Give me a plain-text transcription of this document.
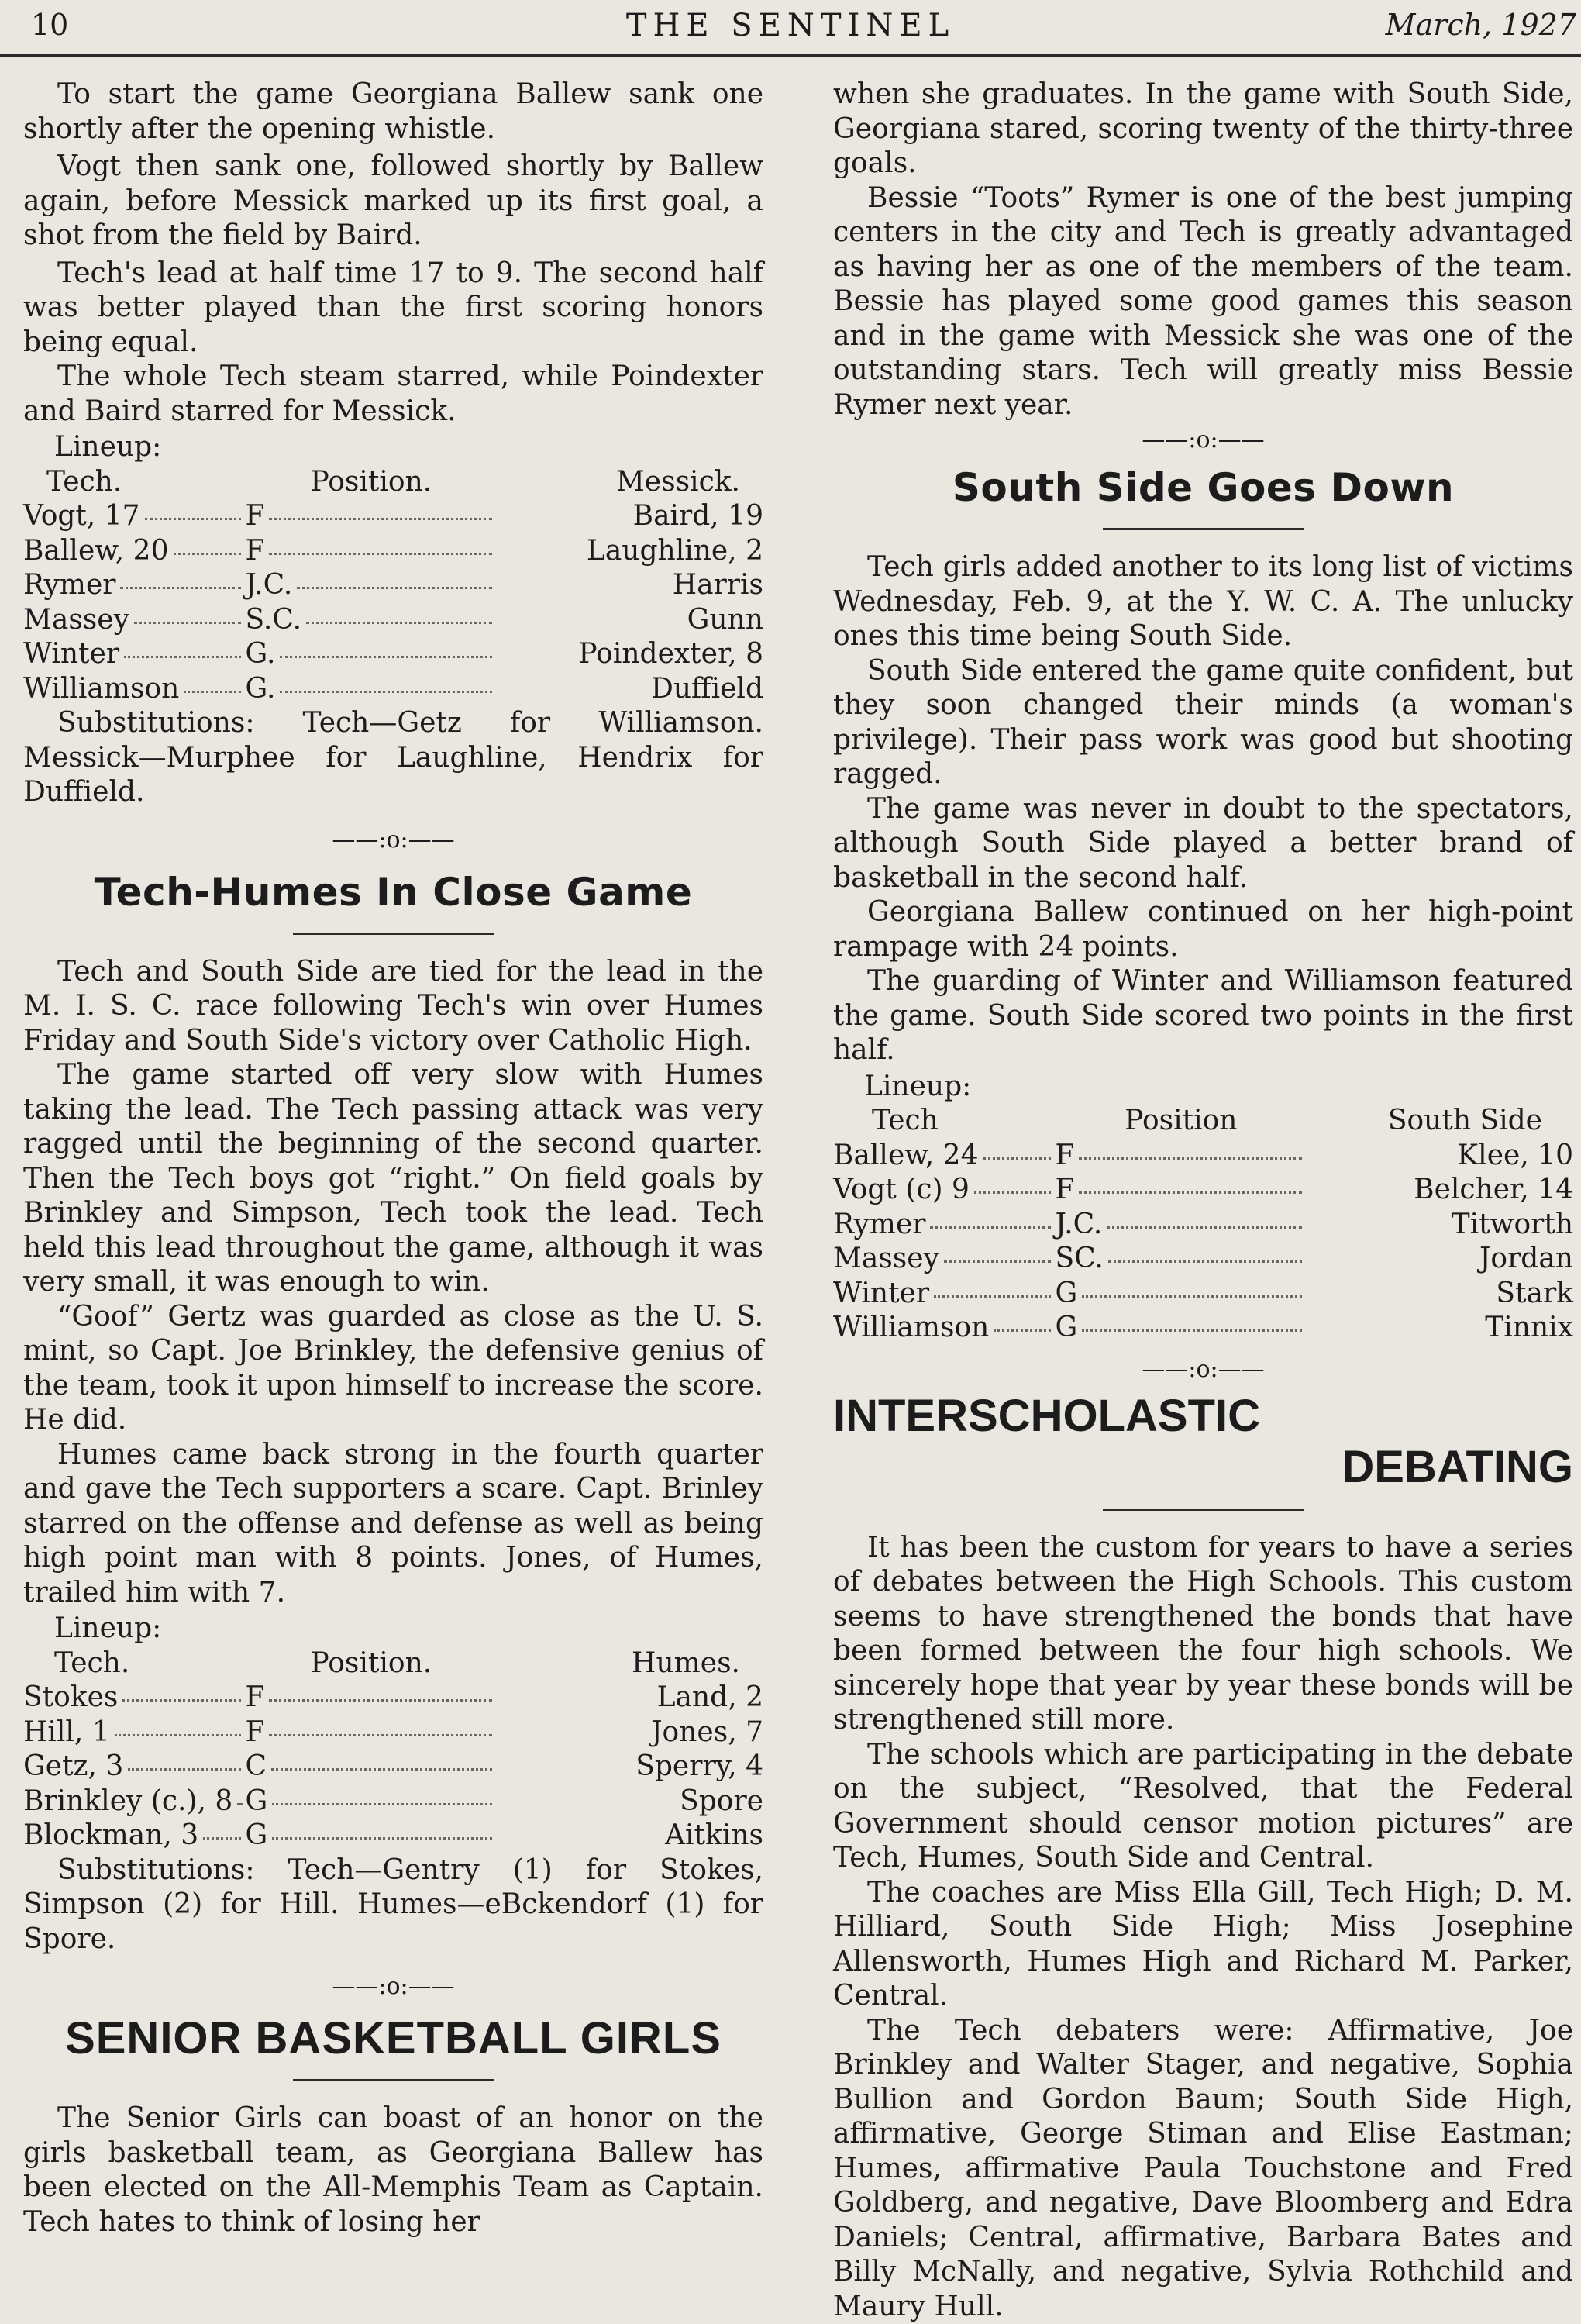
10	THE SENTINEL	March, 1927

To start the game Georgiana Ballew sank one shortly after the opening whistle.

Vogt then sank one, followed shortly by Ballew again, before Messick marked up its first goal, a shot from the field by Baird.

Tech's lead at half time 17 to 9. The second half was better played than the first scoring honors being equal.

The whole Tech steam starred, while Poindexter and Baird starred for Messick.

Lineup:

Tech.	Position.	Messick.

Vogt, 17	F	Baird, 19

Ballew, 20	F	Laughline, 2

Rymer	J.C.	Harris

Massey	S.C.	Gunn

Winter	G.	Poindexter, 8

Williamson	G.	Duffield

Substitutions: Tech—Getz for Williamson. Messick—Murphee for Laughline, Hendrix for Duffield.

——:o:——
Tech-Humes In Close Game

Tech and South Side are tied for the lead in the M. I. S. C. race following Tech's win over Humes Friday and South Side's victory over Catholic High.

The game started off very slow with Humes taking the lead. The Tech passing attack was very ragged until the beginning of the second quarter. Then the Tech boys got “right.” On field goals by Brinkley and Simpson, Tech took the lead. Tech held this lead throughout the game, although it was very small, it was enough to win.

“Goof” Gertz was guarded as close as the U. S. mint, so Capt. Joe Brinkley, the defensive genius of the team, took it upon himself to increase the score. He did.

Humes came back strong in the fourth quarter and gave the Tech supporters a scare. Capt. Brinley starred on the offense and defense as well as being high point man with 8 points. Jones, of Humes, trailed him with 7.

Lineup:

Tech.	Position.	Humes.

Stokes	F	Land, 2

Hill, 1	F	Jones, 7

Getz, 3	C	Sperry, 4

Brinkley (c.), 8	G	Spore

Blockman, 3	G	Aitkins

Substitutions: Tech—Gentry (1) for Stokes, Simpson (2) for Hill. Humes—eBckendorf (1) for Spore.

——:o:——
SENIOR BASKETBALL GIRLS

The Senior Girls can boast of an honor on the girls basketball team, as Georgiana Ballew has been elected on the All-Memphis Team as Captain. Tech hates to think of losing her

when she graduates. In the game with South Side, Georgiana stared, scoring twenty of the thirty-three goals.

Bessie “Toots” Rymer is one of the best jumping centers in the city and Tech is greatly advantaged as having her as one of the members of the team. Bessie has played some good games this season and in the game with Messick she was one of the outstanding stars. Tech will greatly miss Bessie Rymer next year.

——:o:——
South Side Goes Down

Tech girls added another to its long list of victims Wednesday, Feb. 9, at the Y. W. C. A. The unlucky ones this time being South Side.

South Side entered the game quite confident, but they soon changed their minds (a woman's privilege). Their pass work was good but shooting ragged.

The game was never in doubt to the spectators, although South Side played a better brand of basketball in the second half.

Georgiana Ballew continued on her high-point rampage with 24 points.

The guarding of Winter and Williamson featured the game. South Side scored two points in the first half.

Lineup:

Tech	Position	South Side

Ballew, 24	F	Klee, 10

Vogt (c) 9	F	Belcher, 14

Rymer	J.C.	Titworth

Massey	SC.	Jordan

Winter	G	Stark

Williamson	G	Tinnix
——:o:——
INTERSCHOLASTIC
DEBATING

It has been the custom for years to have a series of debates between the High Schools. This custom seems to have strengthened the bonds that have been formed between the four high schools. We sincerely hope that year by year these bonds will be strengthened still more.

The schools which are participating in the debate on the subject, “Resolved, that the Federal Government should censor motion pictures” are Tech, Humes, South Side and Central.

The coaches are Miss Ella Gill, Tech High; D. M. Hilliard, South Side High; Miss Josephine Allensworth, Humes High and Richard M. Parker, Central.

The Tech debaters were: Affirmative, Joe Brinkley and Walter Stager, and negative, Sophia Bullion and Gordon Baum; South Side High, affirmative, George Stiman and Elise Eastman; Humes, affirmative Paula Touchstone and Fred Goldberg, and negative, Dave Bloomberg and Edra Daniels; Central, affirmative, Barbara Bates and Billy McNally, and negative, Sylvia Rothchild and Maury Hull.
